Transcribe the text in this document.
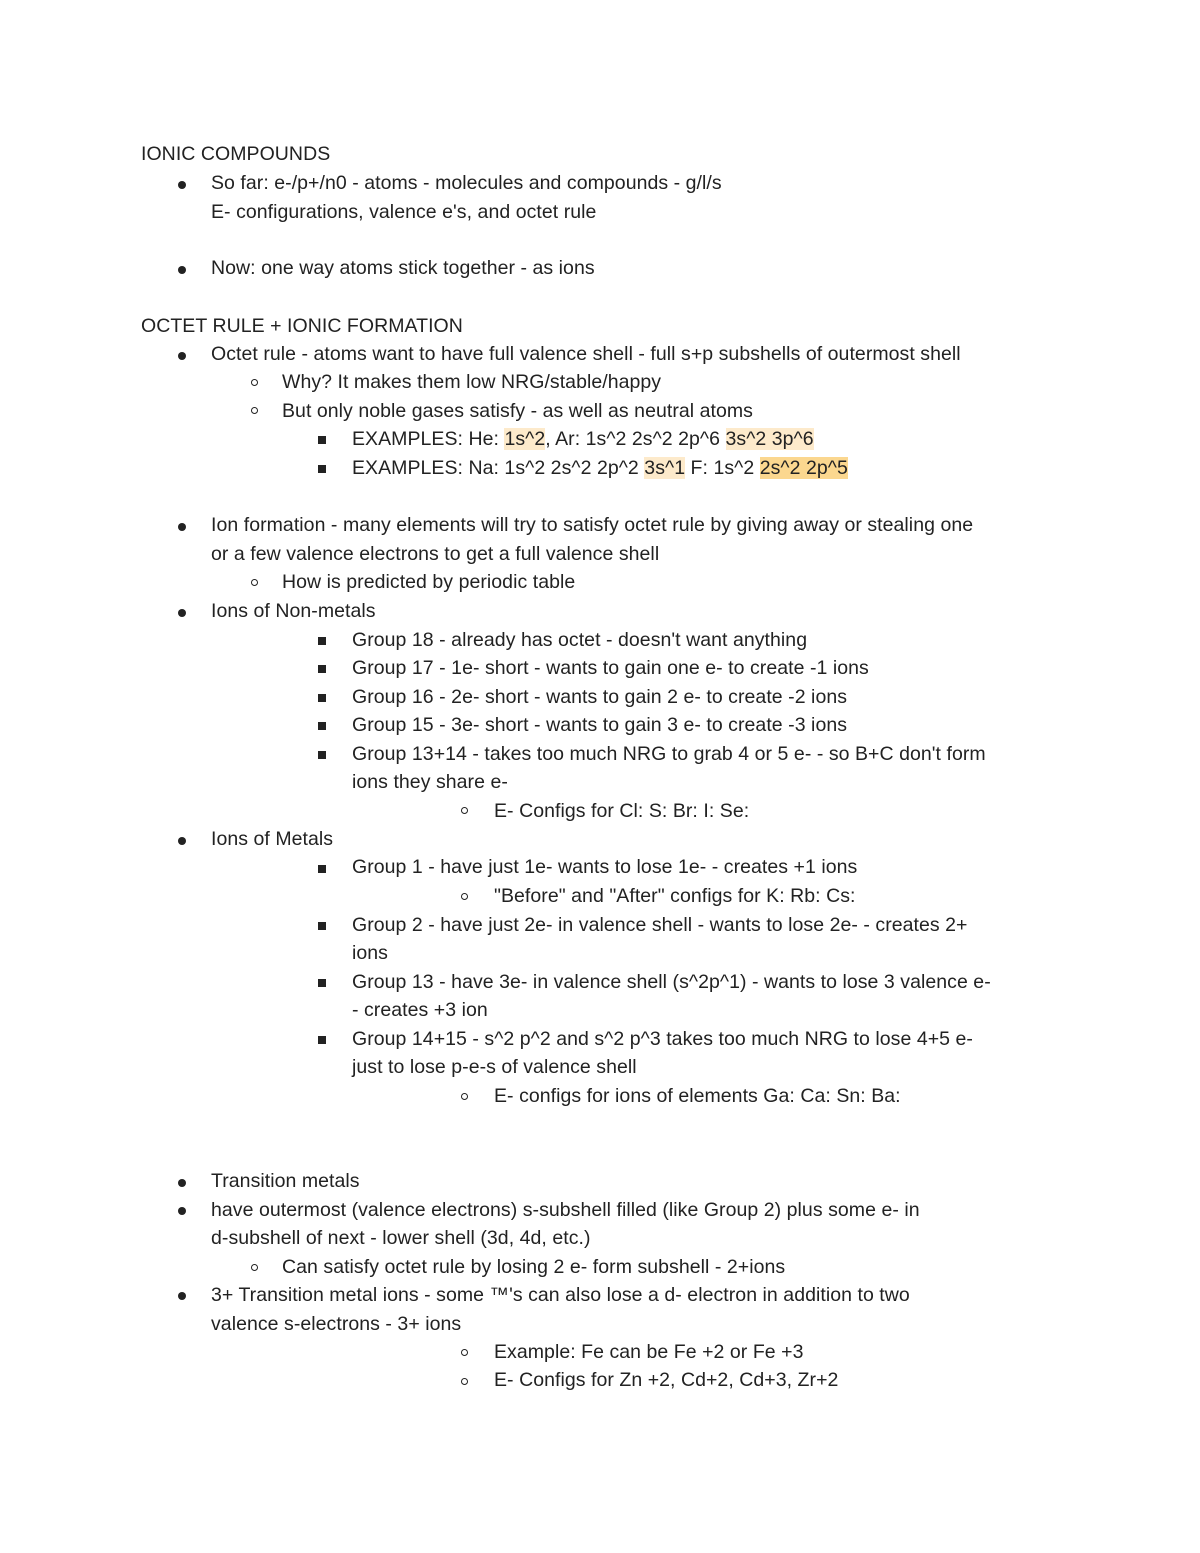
IONIC COMPOUNDS
So far: e-/p+/n0 - atoms - molecules and compounds - g/l/s
E- configurations, valence e's, and octet rule
Now: one way atoms stick together - as ions
OCTET RULE + IONIC FORMATION
Octet rule - atoms want to have full valence shell - full s+p subshells of outermost shell
Why? It makes them low NRG/stable/happy
But only noble gases satisfy - as well as neutral atoms
EXAMPLES: He: 1s^2, Ar: 1s^2 2s^2 2p^6 3s^2 3p^6
EXAMPLES: Na: 1s^2 2s^2 2p^2 3s^1 F: 1s^2 2s^2 2p^5
Ion formation - many elements will try to satisfy octet rule by giving away or stealing one
or a few valence electrons to get a full valence shell
How is predicted by periodic table
Ions of Non-metals
Group 18 - already has octet - doesn't want anything
Group 17 - 1e- short - wants to gain one e- to create -1 ions
Group 16 - 2e- short - wants to gain 2 e- to create -2 ions
Group 15 - 3e- short - wants to gain 3 e- to create -3 ions
Group 13+14 - takes too much NRG to grab 4 or 5 e- - so B+C don't form
ions they share e-
E- Configs for Cl: S: Br: I: Se:
Ions of Metals
Group 1 - have just 1e- wants to lose 1e- - creates +1 ions
"Before" and "After" configs for K: Rb: Cs:
Group 2 - have just 2e- in valence shell - wants to lose 2e- - creates 2+
ions
Group 13 - have 3e- in valence shell (s^2p^1) - wants to lose 3 valence e-
- creates +3 ion
Group 14+15 - s^2 p^2 and s^2 p^3 takes too much NRG to lose 4+5 e-
just to lose p-e-s of valence shell
E- configs for ions of elements Ga: Ca: Sn: Ba:
Transition metals
have outermost (valence electrons) s-subshell filled (like Group 2) plus some e- in
d-subshell of next - lower shell (3d, 4d, etc.)
Can satisfy octet rule by losing 2 e- form subshell - 2+ions
3+ Transition metal ions - some ™'s can also lose a d- electron in addition to two
valence s-electrons - 3+ ions
Example: Fe can be Fe +2 or Fe +3
E- Configs for Zn +2, Cd+2, Cd+3, Zr+2
